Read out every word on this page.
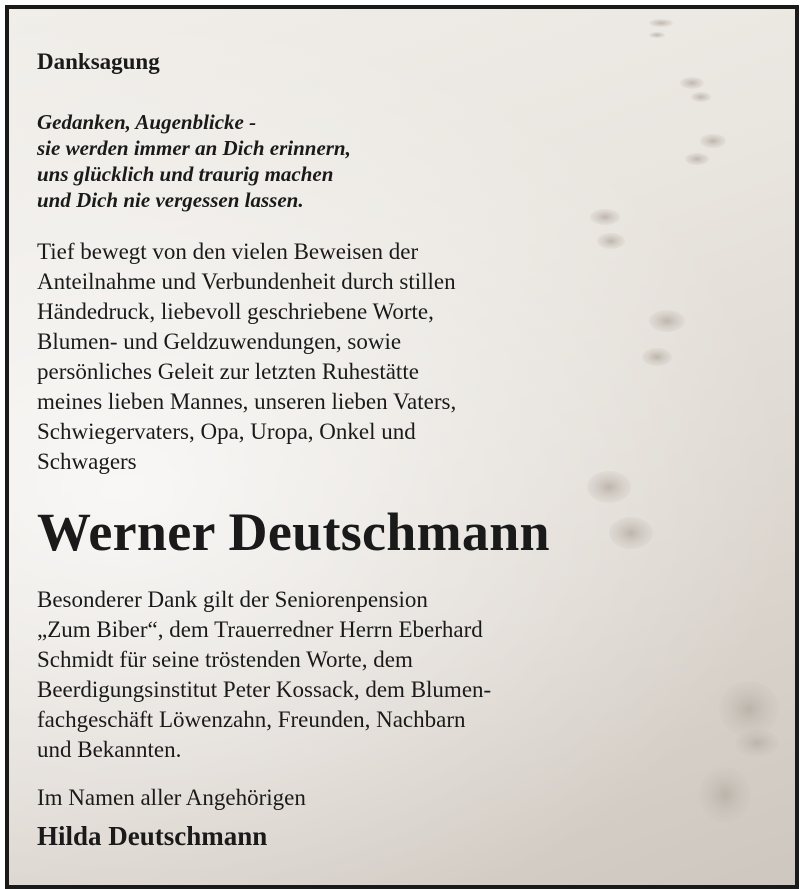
Danksagung
Gedanken, Augenblicke -
sie werden immer an Dich erinnern,
uns glücklich und traurig machen
und Dich nie vergessen lassen.
Tief bewegt von den vielen Beweisen der
Anteilnahme und Verbundenheit durch stillen
Händedruck, liebevoll geschriebene Worte,
Blumen- und Geldzuwendungen, sowie
persönliches Geleit zur letzten Ruhestätte
meines lieben Mannes, unseren lieben Vaters,
Schwiegervaters, Opa, Uropa, Onkel und
Schwagers
Werner Deutschmann
Besonderer Dank gilt der Seniorenpension
„Zum Biber“, dem Trauerredner Herrn Eberhard
Schmidt für seine tröstenden Worte, dem
Beerdigungsinstitut Peter Kossack, dem Blumen-
fachgeschäft Löwenzahn, Freunden, Nachbarn
und Bekannten.
Im Namen aller Angehörigen
Hilda Deutschmann
